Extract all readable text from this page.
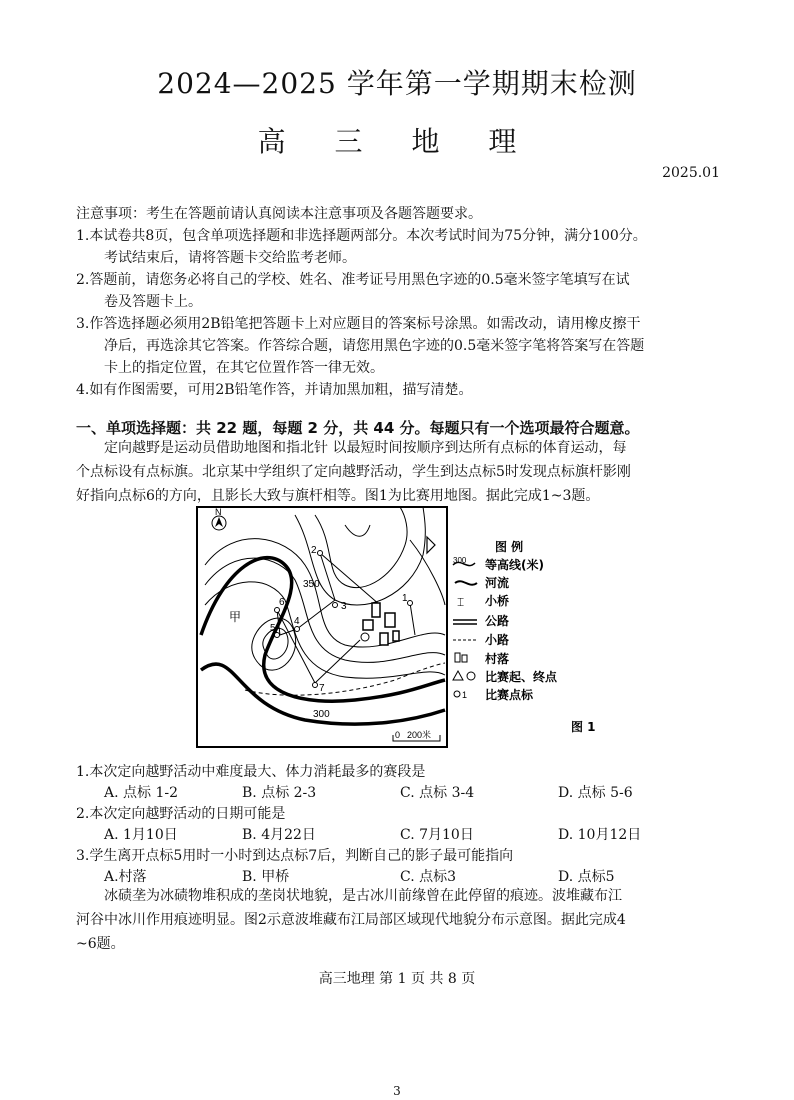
2024—2025 学年第一学期期末检测
高 三 地 理
2025.01
注意事项：考生在答题前请认真阅读本注意事项及各题答题要求。
1.本试卷共8页，包含单项选择题和非选择题两部分。本次考试时间为75分钟，满分100分。
考试结束后，请将答题卡交给监考老师。
2.答题前，请您务必将自己的学校、姓名、准考证号用黑色字迹的0.5毫米签字笔填写在试
卷及答题卡上。
3.作答选择题必须用2B铅笔把答题卡上对应题目的答案标号涂黑。如需改动，请用橡皮擦干
净后，再选涂其它答案。作答综合题，请您用黑色字迹的0.5毫米签字笔将答案写在答题
卡上的指定位置，在其它位置作答一律无效。
4.如有作图需要，可用2B铅笔作答，并请加黑加粗，描写清楚。
一、单项选择题：共 22 题，每题 2 分，共 44 分。每题只有一个选项最符合题意。
定向越野是运动员借助地图和指北针 以最短时间按顺序到达所有点标的体育运动，每
个点标设有点标旗。北京某中学组织了定向越野活动，学生到达点标5时发现点标旗杆影刚
好指向点标6的方向，且影长大致与旗杆相等。图1为比赛用地图。据此完成1~3题。
N
1
2
3
4
5
6
7
350
300
甲
0 200米
图 例
300 等高线(米)
河流
⌶ 小桥
公路
小路
村落
比赛起、终点
1 比赛点标
图 1
1.本次定向越野活动中难度最大、体力消耗最多的赛段是
A. 点标 1-2	B. 点标 2-3	C. 点标 3-4	D. 点标 5-6
2.本次定向越野活动的日期可能是
A. 1月10日	B. 4月22日	C. 7月10日	D. 10月12日
3.学生离开点标5用时一小时到达点标7后，判断自己的影子最可能指向
A.村落	B. 甲桥	C. 点标3	D. 点标5
冰碛垄为冰碛物堆积成的垄岗状地貌，是古冰川前缘曾在此停留的痕迹。波堆藏布江
河谷中冰川作用痕迹明显。图2示意波堆藏布江局部区域现代地貌分布示意图。据此完成4
~6题。
高三地理 第 1 页 共 8 页
3
